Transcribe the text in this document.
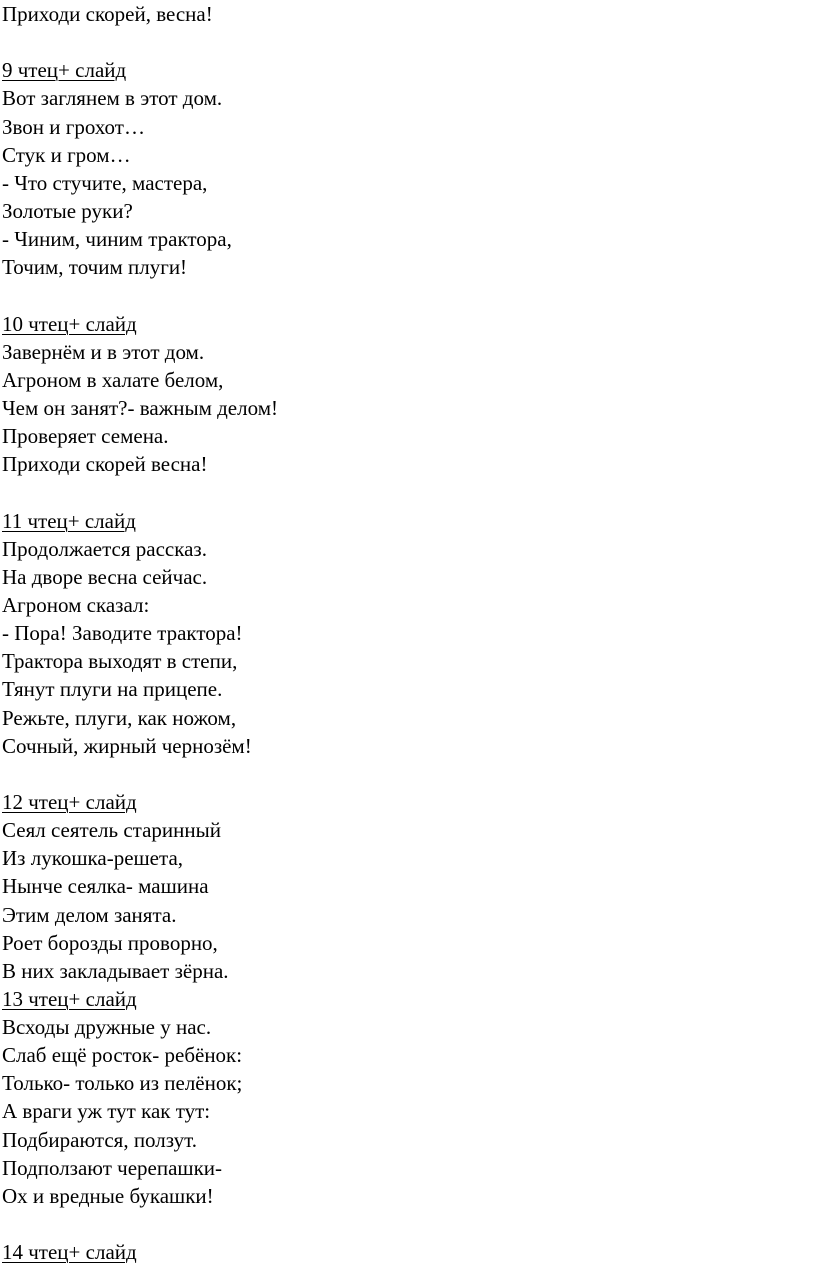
Приходи скорей, весна!
9 чтец+ слайд
Вот заглянем в этот дом.
Звон и грохот…
Стук и гром…
- Что стучите, мастера,
Золотые руки?
- Чиним, чиним трактора,
Точим, точим плуги!
10 чтец+ слайд
Завернём и в этот дом.
Агроном в халате белом,
Чем он занят?- важным делом!
Проверяет семена.
Приходи скорей весна!
11 чтец+ слайд
Продолжается рассказ.
На дворе весна сейчас.
Агроном сказал:
- Пора! Заводите трактора!
Трактора выходят в степи,
Тянут плуги на прицепе.
Режьте, плуги, как ножом,
Сочный, жирный чернозём!
12 чтец+ слайд
Сеял сеятель старинный
Из лукошка-решета,
Нынче сеялка- машина
Этим делом занята.
Роет борозды проворно,
В них закладывает зёрна.
13 чтец+ слайд
Всходы дружные у нас.
Слаб ещё росток- ребёнок:
Только- только из пелёнок;
А враги уж тут как тут:
Подбираются, ползут.
Подползают черепашки-
Ох и вредные букашки!
14 чтец+ слайд
